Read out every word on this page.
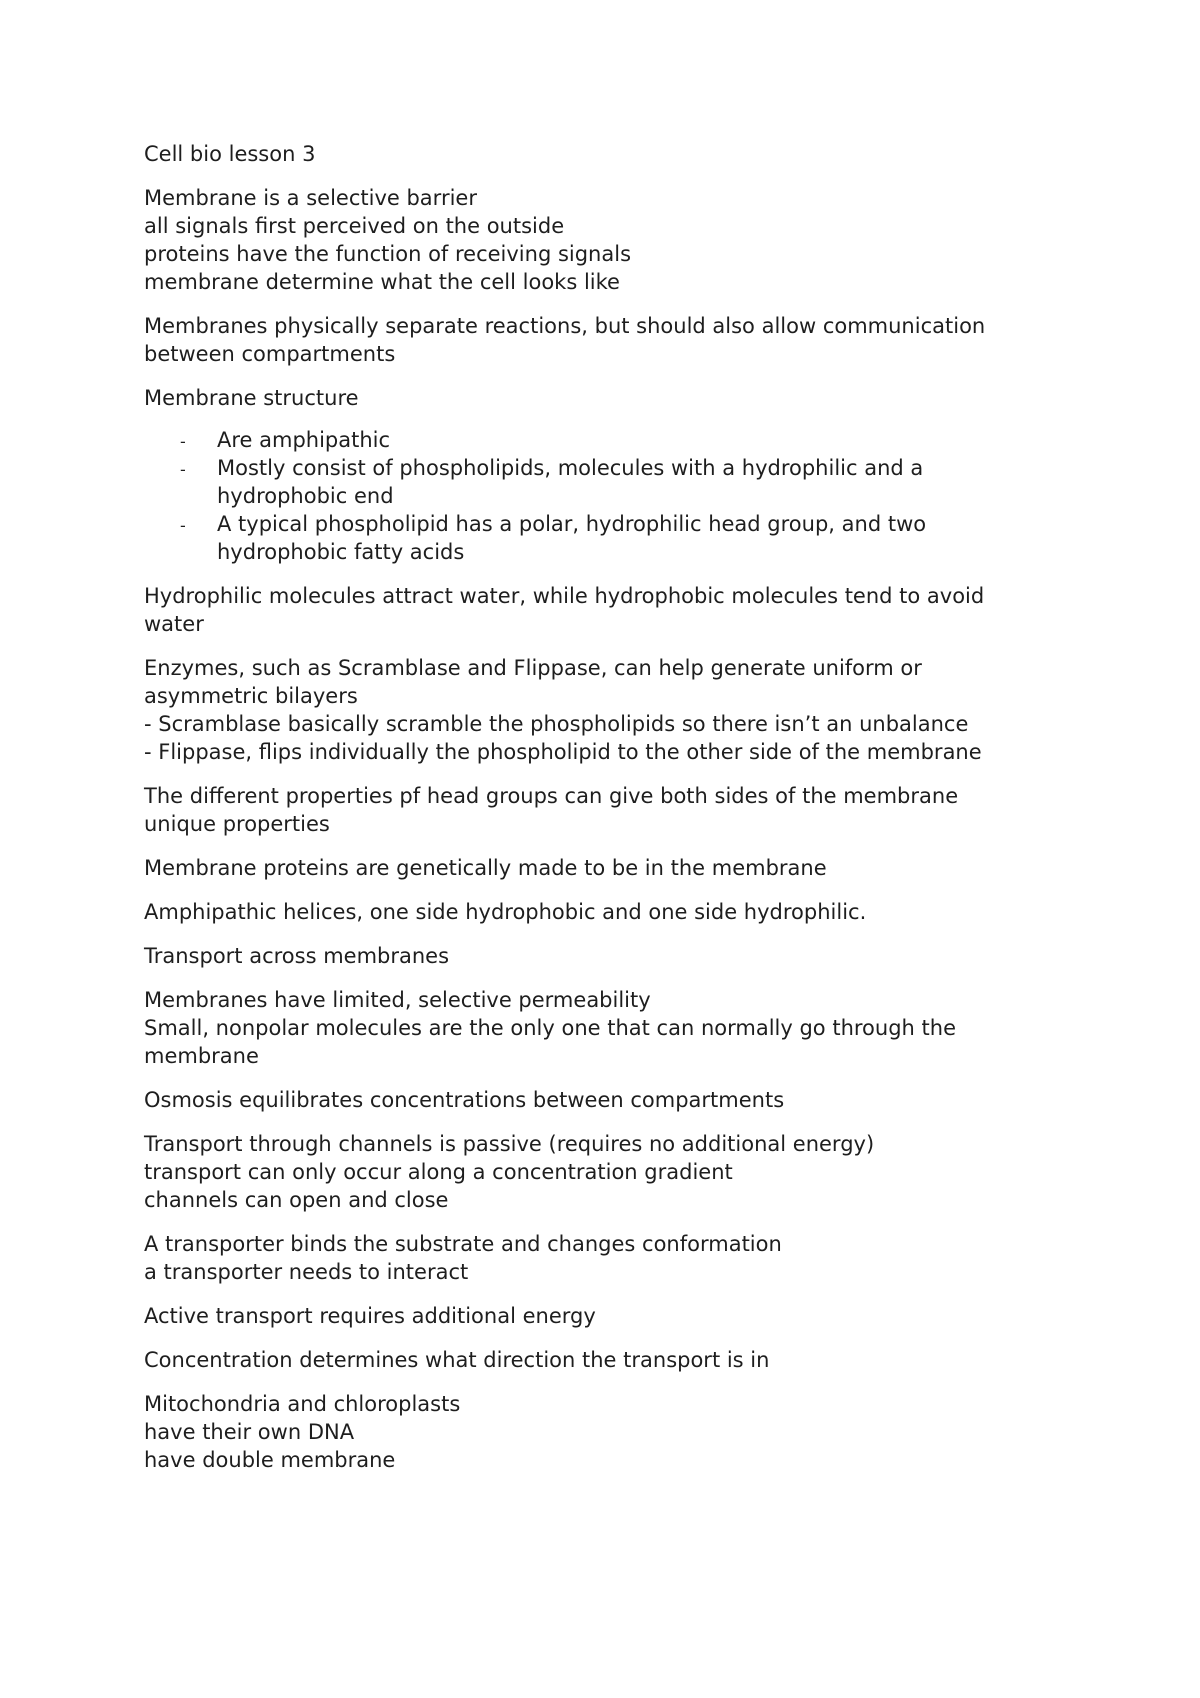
Cell bio lesson 3
Membrane is a selective barrier
all signals first perceived on the outside
proteins have the function of receiving signals
membrane determine what the cell looks like
Membranes physically separate reactions, but should also allow communication
between compartments
Membrane structure
- Are amphipathic
- Mostly consist of phospholipids, molecules with a hydrophilic and a
hydrophobic end
- A typical phospholipid has a polar, hydrophilic head group, and two
hydrophobic fatty acids
Hydrophilic molecules attract water, while hydrophobic molecules tend to avoid
water
Enzymes, such as Scramblase and Flippase, can help generate uniform or
asymmetric bilayers
- Scramblase basically scramble the phospholipids so there isn’t an unbalance
- Flippase, flips individually the phospholipid to the other side of the membrane
The different properties pf head groups can give both sides of the membrane
unique properties
Membrane proteins are genetically made to be in the membrane
Amphipathic helices, one side hydrophobic and one side hydrophilic.
Transport across membranes
Membranes have limited, selective permeability
Small, nonpolar molecules are the only one that can normally go through the
membrane
Osmosis equilibrates concentrations between compartments
Transport through channels is passive (requires no additional energy)
transport can only occur along a concentration gradient
channels can open and close
A transporter binds the substrate and changes conformation
a transporter needs to interact
Active transport requires additional energy
Concentration determines what direction the transport is in
Mitochondria and chloroplasts
have their own DNA
have double membrane
